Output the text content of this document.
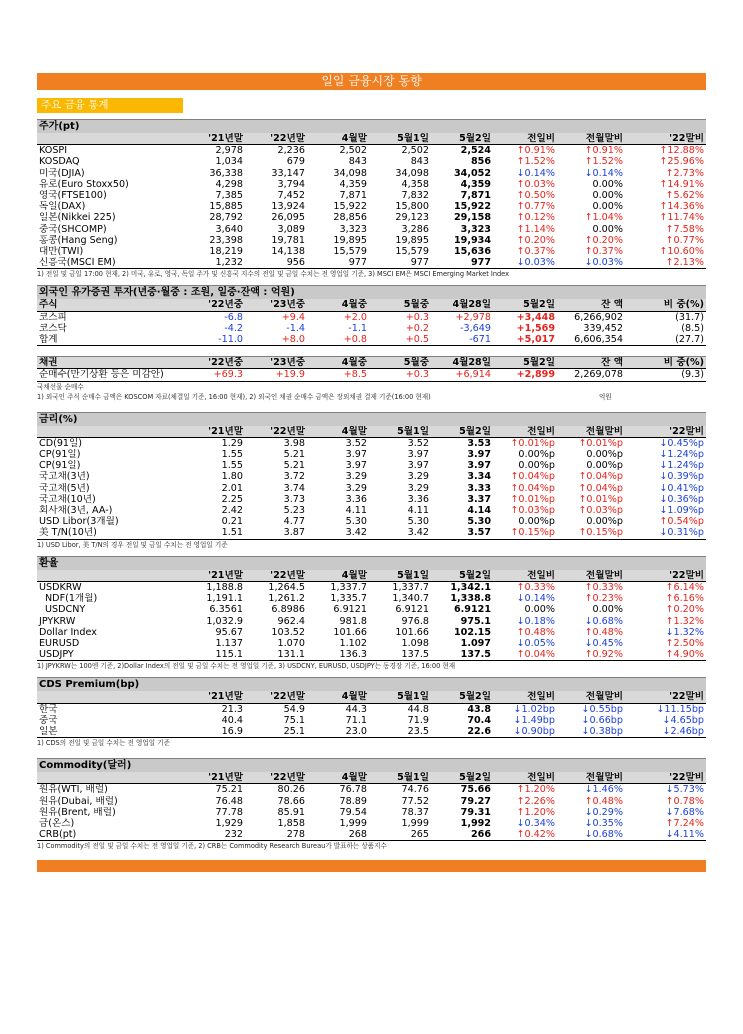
일일 금융시장 동향
주요 금융 통계
주가(pt)
	'21년말	'22년말	4월말	5월1일	5월2일	전일비	전월말비	'22말비
KOSPI	2,978	2,236	2,502	2,502	2,524	↑0.91%	↑0.91%	↑12.88%
KOSDAQ	1,034	679	843	843	856	↑1.52%	↑1.52%	↑25.96%
미국(DJIA)	36,338	33,147	34,098	34,098	34,052	↓0.14%	↓0.14%	↑2.73%
유로(Euro Stoxx50)	4,298	3,794	4,359	4,358	4,359	↑0.03%	0.00%	↑14.91%
영국(FTSE100)	7,385	7,452	7,871	7,832	7,871	↑0.50%	0.00%	↑5.62%
독일(DAX)	15,885	13,924	15,922	15,800	15,922	↑0.77%	0.00%	↑14.36%
일본(Nikkei 225)	28,792	26,095	28,856	29,123	29,158	↑0.12%	↑1.04%	↑11.74%
중국(SHCOMP)	3,640	3,089	3,323	3,286	3,323	↑1.14%	0.00%	↑7.58%
홍콩(Hang Seng)	23,398	19,781	19,895	19,895	19,934	↑0.20%	↑0.20%	↑0.77%
대만(TWI)	18,219	14,138	15,579	15,579	15,636	↑0.37%	↑0.37%	↑10.60%
신흥국(MSCI EM)	1,232	956	977	977	977	↓0.03%	↓0.03%	↑2.13%
1) 전일 및 금일 17:00 현재, 2) 미국, 유로, 영국, 독일 주가 및 신흥국 지수의 전일 및 금일 수치는 전 영업일 기준, 3) MSCI EM은 MSCI Emerging Market Index
외국인 유가증권 투자(년중·월중 : 조원, 일중·잔액 : 억원)
주식	'22년중	'23년중	4월중	5월중	4월28일	5월2일	잔 액	비 중(%)
코스피	-6.8	+9.4	+2.0	+0.3	+2,978	+3,448	6,266,902	(31.7)
코스닥	-4.2	-1.4	-1.1	+0.2	-3,649	+1,569	339,452	(8.5)
합계	-11.0	+8.0	+0.8	+0.5	-671	+5,017	6,606,354	(27.7)
채권	'22년중	'23년중	4월중	5월중	4월28일	5월2일	잔 액	비 중(%)
순매수(만기상환 등은 미감안)	+69.3	+19.9	+8.5	+0.3	+6,914	+2,899	2,269,078	(9.3)
국채선물 순매수
1) 외국인 주식 순매수 금액은 KOSCOM 자료(체결일 기준, 16:00 현재), 2) 외국인 채권 순매수 금액은 장외채권 결제 기준(16:00 현재)	억원
금리(%)
	'21년말	'22년말	4월말	5월1일	5월2일	전일비	전월말비	'22말비
CD(91일)	1.29	3.98	3.52	3.52	3.53	↑0.01%p	↑0.01%p	↓0.45%p
CP(91일)	1.55	5.21	3.97	3.97	3.97	0.00%p	0.00%p	↓1.24%p
CP(91일)	1.55	5.21	3.97	3.97	3.97	0.00%p	0.00%p	↓1.24%p
국고채(3년)	1.80	3.72	3.29	3.29	3.34	↑0.04%p	↑0.04%p	↓0.39%p
국고채(5년)	2.01	3.74	3.29	3.29	3.33	↑0.04%p	↑0.04%p	↓0.41%p
국고채(10년)	2.25	3.73	3.36	3.36	3.37	↑0.01%p	↑0.01%p	↓0.36%p
회사채(3년, AA-)	2.42	5.23	4.11	4.11	4.14	↑0.03%p	↑0.03%p	↓1.09%p
USD Libor(3개월)	0.21	4.77	5.30	5.30	5.30	0.00%p	0.00%p	↑0.54%p
美 T/N(10년)	1.51	3.87	3.42	3.42	3.57	↑0.15%p	↑0.15%p	↓0.31%p
1) USD Libor, 美 T/N의 경우 전일 및 금일 수치는 전 영업일 기준
환율
	'21년말	'22년말	4월말	5월1일	5월2일	전일비	전월말비	'22말비
USDKRW	1,188.8	1,264.5	1,337.7	1,337.7	1,342.1	↑0.33%	↑0.33%	↑6.14%
NDF(1개월)	1,191.1	1,261.2	1,335.7	1,340.7	1,338.8	↓0.14%	↑0.23%	↑6.16%
USDCNY	6.3561	6.8986	6.9121	6.9121	6.9121	0.00%	0.00%	↑0.20%
JPYKRW	1,032.9	962.4	981.8	976.8	975.1	↓0.18%	↓0.68%	↑1.32%
Dollar Index	95.67	103.52	101.66	101.66	102.15	↑0.48%	↑0.48%	↓1.32%
EURUSD	1.137	1.070	1.102	1.098	1.097	↓0.05%	↓0.45%	↑2.50%
USDJPY	115.1	131.1	136.3	137.5	137.5	↑0.04%	↑0.92%	↑4.90%
1) JPYKRW는 100엔 기준, 2)Dollar Index의 전일 및 금일 수치는 전 영업일 기준, 3) USDCNY, EURUSD, USDJPY는 동경장 기준, 16:00 현재
CDS Premium(bp)
	'21년말	'22년말	4월말	5월1일	5월2일	전일비	전월말비	'22말비
한국	21.3	54.9	44.3	44.8	43.8	↓1.02bp	↓0.55bp	↓11.15bp
중국	40.4	75.1	71.1	71.9	70.4	↓1.49bp	↓0.66bp	↓4.65bp
일본	16.9	25.1	23.0	23.5	22.6	↓0.90bp	↓0.38bp	↓2.46bp
1) CDS의 전일 및 금일 수치는 전 영업일 기준
Commodity(달러)
	'21년말	'22년말	4월말	5월1일	5월2일	전일비	전월말비	'22말비
원유(WTI, 배럴)	75.21	80.26	76.78	74.76	75.66	↑1.20%	↓1.46%	↓5.73%
원유(Dubai, 배럴)	76.48	78.66	78.89	77.52	79.27	↑2.26%	↑0.48%	↑0.78%
원유(Brent, 배럴)	77.78	85.91	79.54	78.37	79.31	↑1.20%	↓0.29%	↓7.68%
금(온스)	1,929	1,858	1,999	1,999	1,992	↓0.34%	↓0.35%	↑7.24%
CRB(pt)	232	278	268	265	266	↑0.42%	↓0.68%	↓4.11%
1) Commodity의 전일 및 금일 수치는 전 영업일 기준, 2) CRB는 Commodity Research Bureau가 발표하는 상품지수
